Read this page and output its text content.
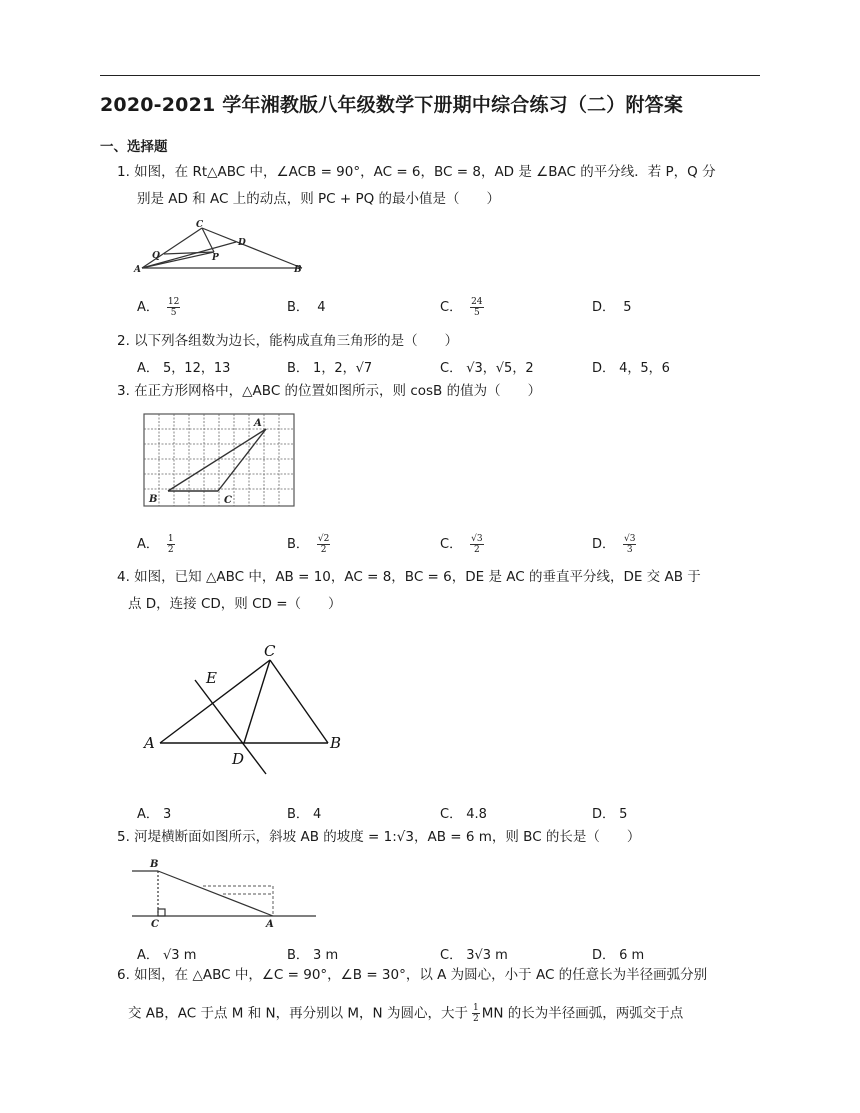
2020-2021 学年湘教版八年级数学下册期中综合练习（二）附答案
一、选择题
1. 如图，在 Rt△ABC 中，∠ACB = 90°，AC = 6，BC = 8，AD 是 ∠BAC 的平分线．若 P，Q 分
别是 AD 和 AC 上的动点，则 PC + PQ 的最小值是（　　）
C
D
Q	P
A	B
A． $\frac{12}{5}$	B． 4	C． $\frac{24}{5}$	D． 5
2. 以下列各组数为边长，能构成直角三角形的是（　　）
A． 5，12，13	B． 1，2，√7	C． √3，√5，2	D． 4，5，6
3. 在正方形网格中，△ABC 的位置如图所示，则 cosB 的值为（　　）
A
B	C
A． $\frac{1}{2}$	B． $\frac{√2}{2}$	C． $\frac{√3}{2}$	D． $\frac{√3}{3}$
4. 如图，已知 △ABC 中，AB = 10，AC = 8，BC = 6，DE 是 AC 的垂直平分线，DE 交 AB 于
点 D，连接 CD，则 CD =（　　）
C
E
A
D
B
A． 3	B． 4	C． 4.8	D． 5
5. 河堤横断面如图所示，斜坡 AB 的坡度 = 1:√3，AB = 6 m，则 BC 的长是（　　）
B
C	A
A． √3 m	B． 3 m	C． 3√3 m	D． 6 m
6. 如图，在 △ABC 中，∠C = 90°，∠B = 30°，以 A 为圆心，小于 AC 的任意长为半径画弧分别
交 AB，AC 于点 M 和 N，再分别以 M，N 为圆心，大于 $\frac{1}{2}$ MN 的长为半径画弧，两弧交于点
